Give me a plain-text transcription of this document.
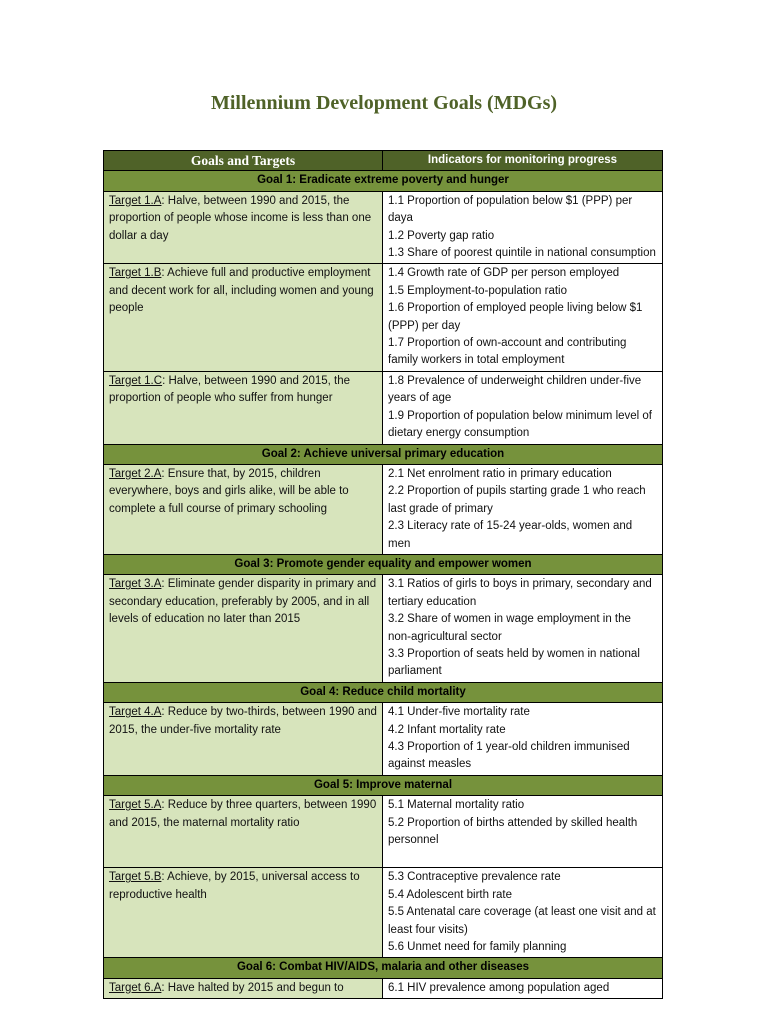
Millennium Development Goals (MDGs)
Goals and Targets	Indicators for monitoring progress
Goal 1: Eradicate extreme poverty and hunger	
Target 1.A: Halve, between 1990 and 2015, the proportion of people whose income is less than one dollar a day	1.1 Proportion of population below $1 (PPP) per daya
1.2 Poverty gap ratio
1.3 Share of poorest quintile in national consumption

Target 1.B: Achieve full and productive employment and decent work for all, including women and young people	1.4 Growth rate of GDP per person employed
1.5 Employment-to-population ratio
1.6 Proportion of employed people living below $1 (PPP) per day
1.7 Proportion of own-account and contributing family workers in total employment

Target 1.C: Halve, between 1990 and 2015, the proportion of people who suffer from hunger	1.8 Prevalence of underweight children under-five years of age
1.9 Proportion of population below minimum level of dietary energy consumption

Goal 2: Achieve universal primary education	
Target 2.A: Ensure that, by 2015, children everywhere, boys and girls alike, will be able to complete a full course of primary schooling	2.1 Net enrolment ratio in primary education
2.2 Proportion of pupils starting grade 1 who reach last grade of primary
2.3 Literacy rate of 15-24 year-olds, women and men

Goal 3: Promote gender equality and empower women	
Target 3.A: Eliminate gender disparity in primary and secondary education, preferably by 2005, and in all levels of education no later than 2015	3.1 Ratios of girls to boys in primary, secondary and tertiary education
3.2 Share of women in wage employment in the non-agricultural sector
3.3 Proportion of seats held by women in national parliament

Goal 4: Reduce child mortality	
Target 4.A: Reduce by two-thirds, between 1990 and 2015, the under-five mortality rate	4.1 Under-five mortality rate
4.2 Infant mortality rate
4.3 Proportion of 1 year-old children immunised against measles

Goal 5: Improve maternal	
Target 5.A: Reduce by three quarters, between 1990 and 2015, the maternal mortality ratio	5.1 Maternal mortality ratio
5.2 Proportion of births attended by skilled health personnel

Target 5.B: Achieve, by 2015, universal access to reproductive health	5.3 Contraceptive prevalence rate
5.4 Adolescent birth rate
5.5 Antenatal care coverage (at least one visit and at least four visits)
5.6 Unmet need for family planning

Goal 6: Combat HIV/AIDS, malaria and other diseases	
Target 6.A: Have halted by 2015 and begun to	6.1 HIV prevalence among population aged
